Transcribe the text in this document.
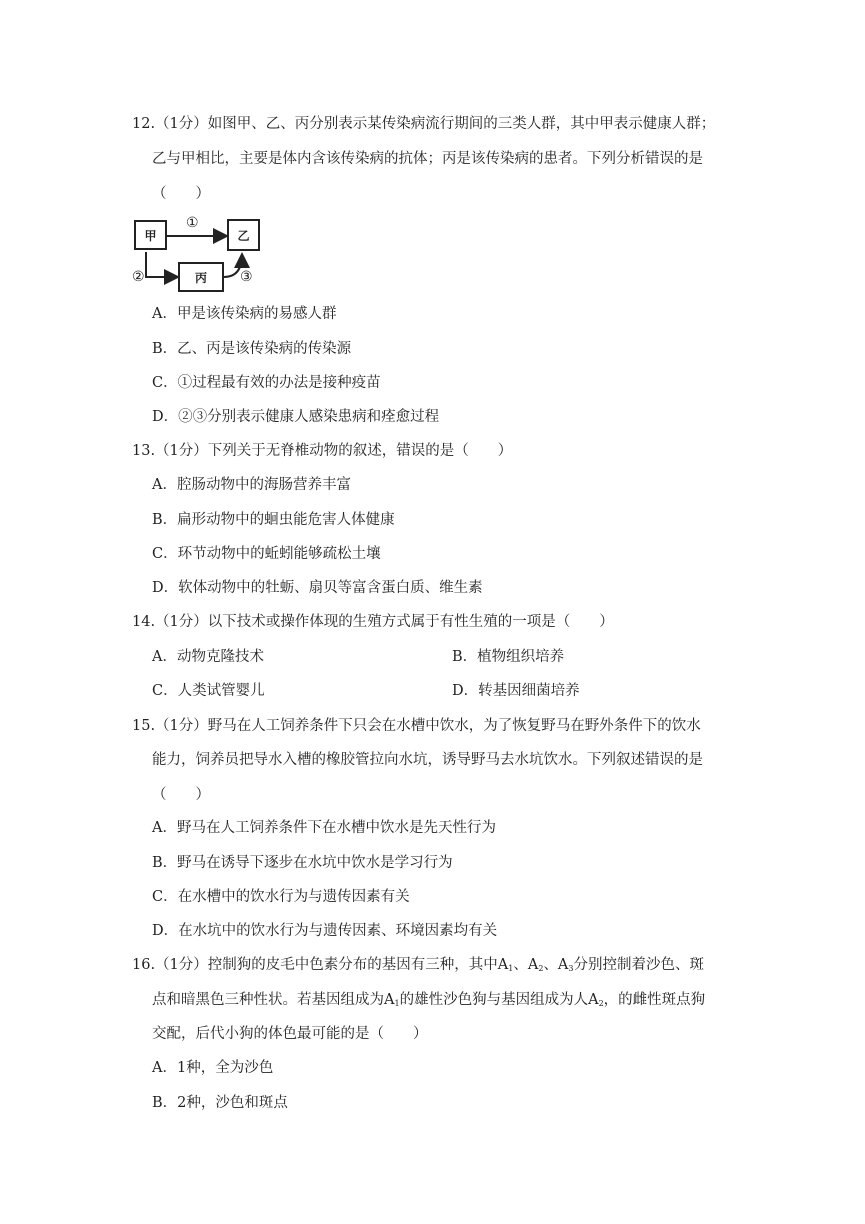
12.（1分）如图甲、乙、丙分别表示某传染病流行期间的三类人群，其中甲表示健康人群；
乙与甲相比，主要是体内含该传染病的抗体；丙是该传染病的患者。下列分析错误的是
（　　）
甲	乙
丙
①
②	③
A．甲是该传染病的易感人群
B．乙、丙是该传染病的传染源
C．①过程最有效的办法是接种疫苗
D．②③分别表示健康人感染患病和痊愈过程
13.（1分）下列关于无脊椎动物的叙述，错误的是（　　）
A．腔肠动物中的海肠营养丰富
B．扁形动物中的蛔虫能危害人体健康
C．环节动物中的蚯蚓能够疏松土壤
D．软体动物中的牡蛎、扇贝等富含蛋白质、维生素
14.（1分）以下技术或操作体现的生殖方式属于有性生殖的一项是（　　）
A．动物克隆技术	B．植物组织培养
C．人类试管婴儿	D．转基因细菌培养
15.（1分）野马在人工饲养条件下只会在水槽中饮水，为了恢复野马在野外条件下的饮水
能力，饲养员把导水入槽的橡胶管拉向水坑，诱导野马去水坑饮水。下列叙述错误的是
（　　）
A．野马在人工饲养条件下在水槽中饮水是先天性行为
B．野马在诱导下逐步在水坑中饮水是学习行为
C．在水槽中的饮水行为与遗传因素有关
D．在水坑中的饮水行为与遗传因素、环境因素均有关
16.（1分）控制狗的皮毛中色素分布的基因有三种，其中$A_1$、$A_2$、$A_3$分别控制着沙色、斑
点和暗黑色三种性状。若基因组成为$A_1$的雄性沙色狗与基因组成为人$A_2$，的雌性斑点狗
交配，后代小狗的体色最可能的是（　　）
A．1种，全为沙色
B．2种，沙色和斑点
